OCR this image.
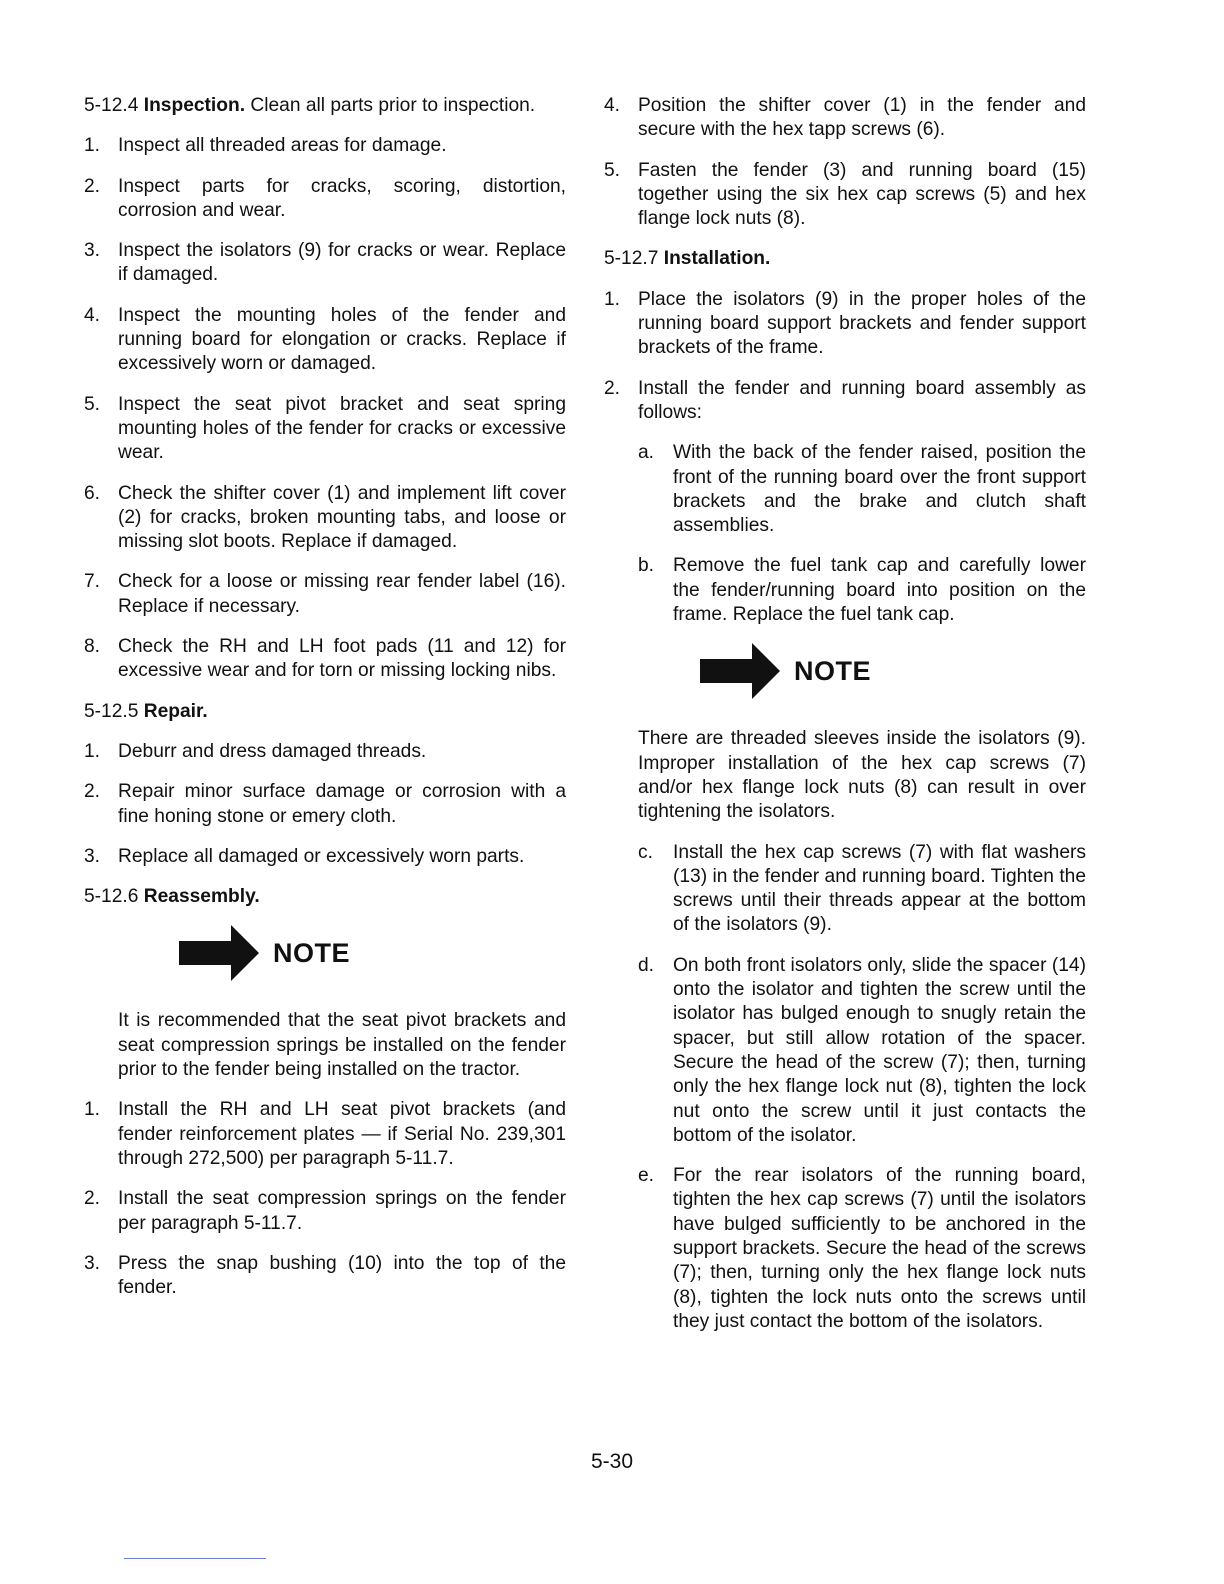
5-12.4 Inspection. Clean all parts prior to inspection.
1. Inspect all threaded areas for damage.
2. Inspect parts for cracks, scoring, distortion, corrosion and wear.
3. Inspect the isolators (9) for cracks or wear. Replace if damaged.
4. Inspect the mounting holes of the fender and running board for elongation or cracks. Replace if excessively worn or damaged.
5. Inspect the seat pivot bracket and seat spring mounting holes of the fender for cracks or excessive wear.
6. Check the shifter cover (1) and implement lift cover (2) for cracks, broken mounting tabs, and loose or missing slot boots. Replace if damaged.
7. Check for a loose or missing rear fender label (16). Replace if necessary.
8. Check the RH and LH foot pads (11 and 12) for excessive wear and for torn or missing locking nibs.
5-12.5 Repair.
1. Deburr and dress damaged threads.
2. Repair minor surface damage or corrosion with a fine honing stone or emery cloth.
3. Replace all damaged or excessively worn parts.
5-12.6 Reassembly.
NOTE
It is recommended that the seat pivot brackets and seat compression springs be installed on the fender prior to the fender being installed on the tractor.
1. Install the RH and LH seat pivot brackets (and fender reinforcement plates — if Serial No. 239,301 through 272,500) per paragraph 5-11.7.
2. Install the seat compression springs on the fender per paragraph 5-11.7.
3. Press the snap bushing (10) into the top of the fender.
4. Position the shifter cover (1) in the fender and secure with the hex tapp screws (6).
5. Fasten the fender (3) and running board (15) together using the six hex cap screws (5) and hex flange lock nuts (8).
5-12.7 Installation.
1. Place the isolators (9) in the proper holes of the running board support brackets and fender support brackets of the frame.
2. Install the fender and running board assembly as follows:
a. With the back of the fender raised, position the front of the running board over the front support brackets and the brake and clutch shaft assemblies.
b. Remove the fuel tank cap and carefully lower the fender/running board into position on the frame. Replace the fuel tank cap.
NOTE
There are threaded sleeves inside the isolators (9). Improper installation of the hex cap screws (7) and/or hex flange lock nuts (8) can result in over tightening the isolators.
c.	Install the hex cap screws (7) with flat washers (13) in the fender and running board. Tighten the screws until their threads appear at the bottom of the isolators (9).
d. On both front isolators only, slide the spacer (14) onto the isolator and tighten the screw until the isolator has bulged enough to snugly retain the spacer, but still allow rotation of the spacer. Secure the head of the screw (7); then, turning only the hex flange lock nut (8), tighten the lock nut onto the screw until it just contacts the bottom of the isolator.
e. For the rear isolators of the running board, tighten the hex cap screws (7) until the isolators have bulged sufficiently to be anchored in the support brackets. Secure the head of the screws (7); then, turning only the hex flange lock nuts (8), tighten the lock nuts onto the screws until they just contact the bottom of the isolators.
5-30
